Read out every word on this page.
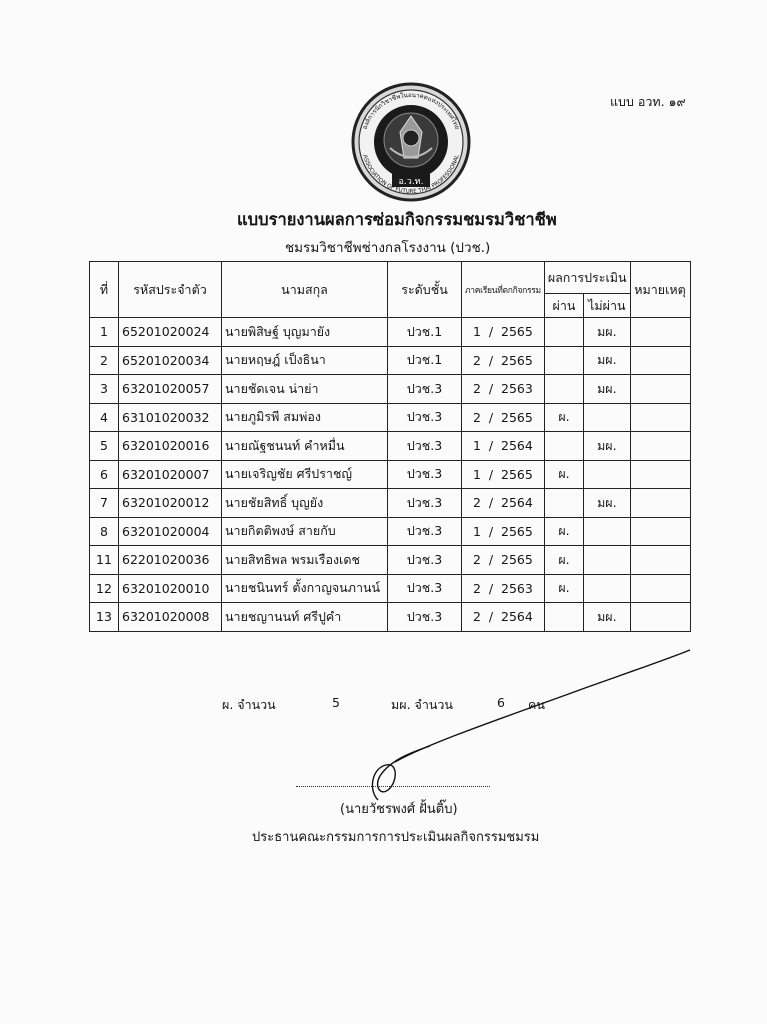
แบบ อวท. ๑๙
อ.ว.ท.
องค์การนักวิชาชีพในอนาคตแห่งประเทศไทย
ASSOCIATION OF FUTURE THAI PROFESSIONAL
แบบรายงานผลการซ่อมกิจกรรมชมรมวิชาชีพ
ชมรมวิชาชีพช่างกลโรงงาน (ปวช.)
ที่	รหัสประจำตัว	นามสกุล	ระดับชั้น	ภาคเรียนที่ตกกิจกรรม	ผลการประเมิน		หมายเหตุ
					ผ่าน	ไม่ผ่าน	
1	65201020024	นายพิสิษฐ์ บุญมายัง	ปวช.1	1  /  2565		มผ.	
2	65201020034	นายหฤษฎ์ เป็งธินา	ปวช.1	2  /  2565		มผ.	
3	63201020057	นายชัดเจน น่าย่า	ปวช.3	2  /  2563		มผ.	
4	63101020032	นายภูมิรพี สมพ่อง	ปวช.3	2  /  2565	ผ.		
5	63201020016	นายณัฐชนนท์ คำหมื่น	ปวช.3	1  /  2564		มผ.	
6	63201020007	นายเจริญชัย ศรีปราชญ์	ปวช.3	1  /  2565	ผ.		
7	63201020012	นายชัยสิทธิ์ บุญยัง	ปวช.3	2  /  2564		มผ.	
8	63201020004	นายกิตติพงษ์ สายกับ	ปวช.3	1  /  2565	ผ.		
11	62201020036	นายสิทธิพล พรมเรืองเดช	ปวช.3	2  /  2565	ผ.		
12	63201020010	นายชนินทร์ ตั้งกาญจนภานน์	ปวช.3	2  /  2563	ผ.		
13	63201020008	นายชญานนท์ ศรีปูคำ	ปวช.3	2  /  2564		มผ.	
ผ. จำนวน	5	มผ. จำนวน	6 คน
(นายวัชรพงศ์ ฝั้นติ๊บ)
ประธานคณะกรรมการการประเมินผลกิจกรรมชมรม
